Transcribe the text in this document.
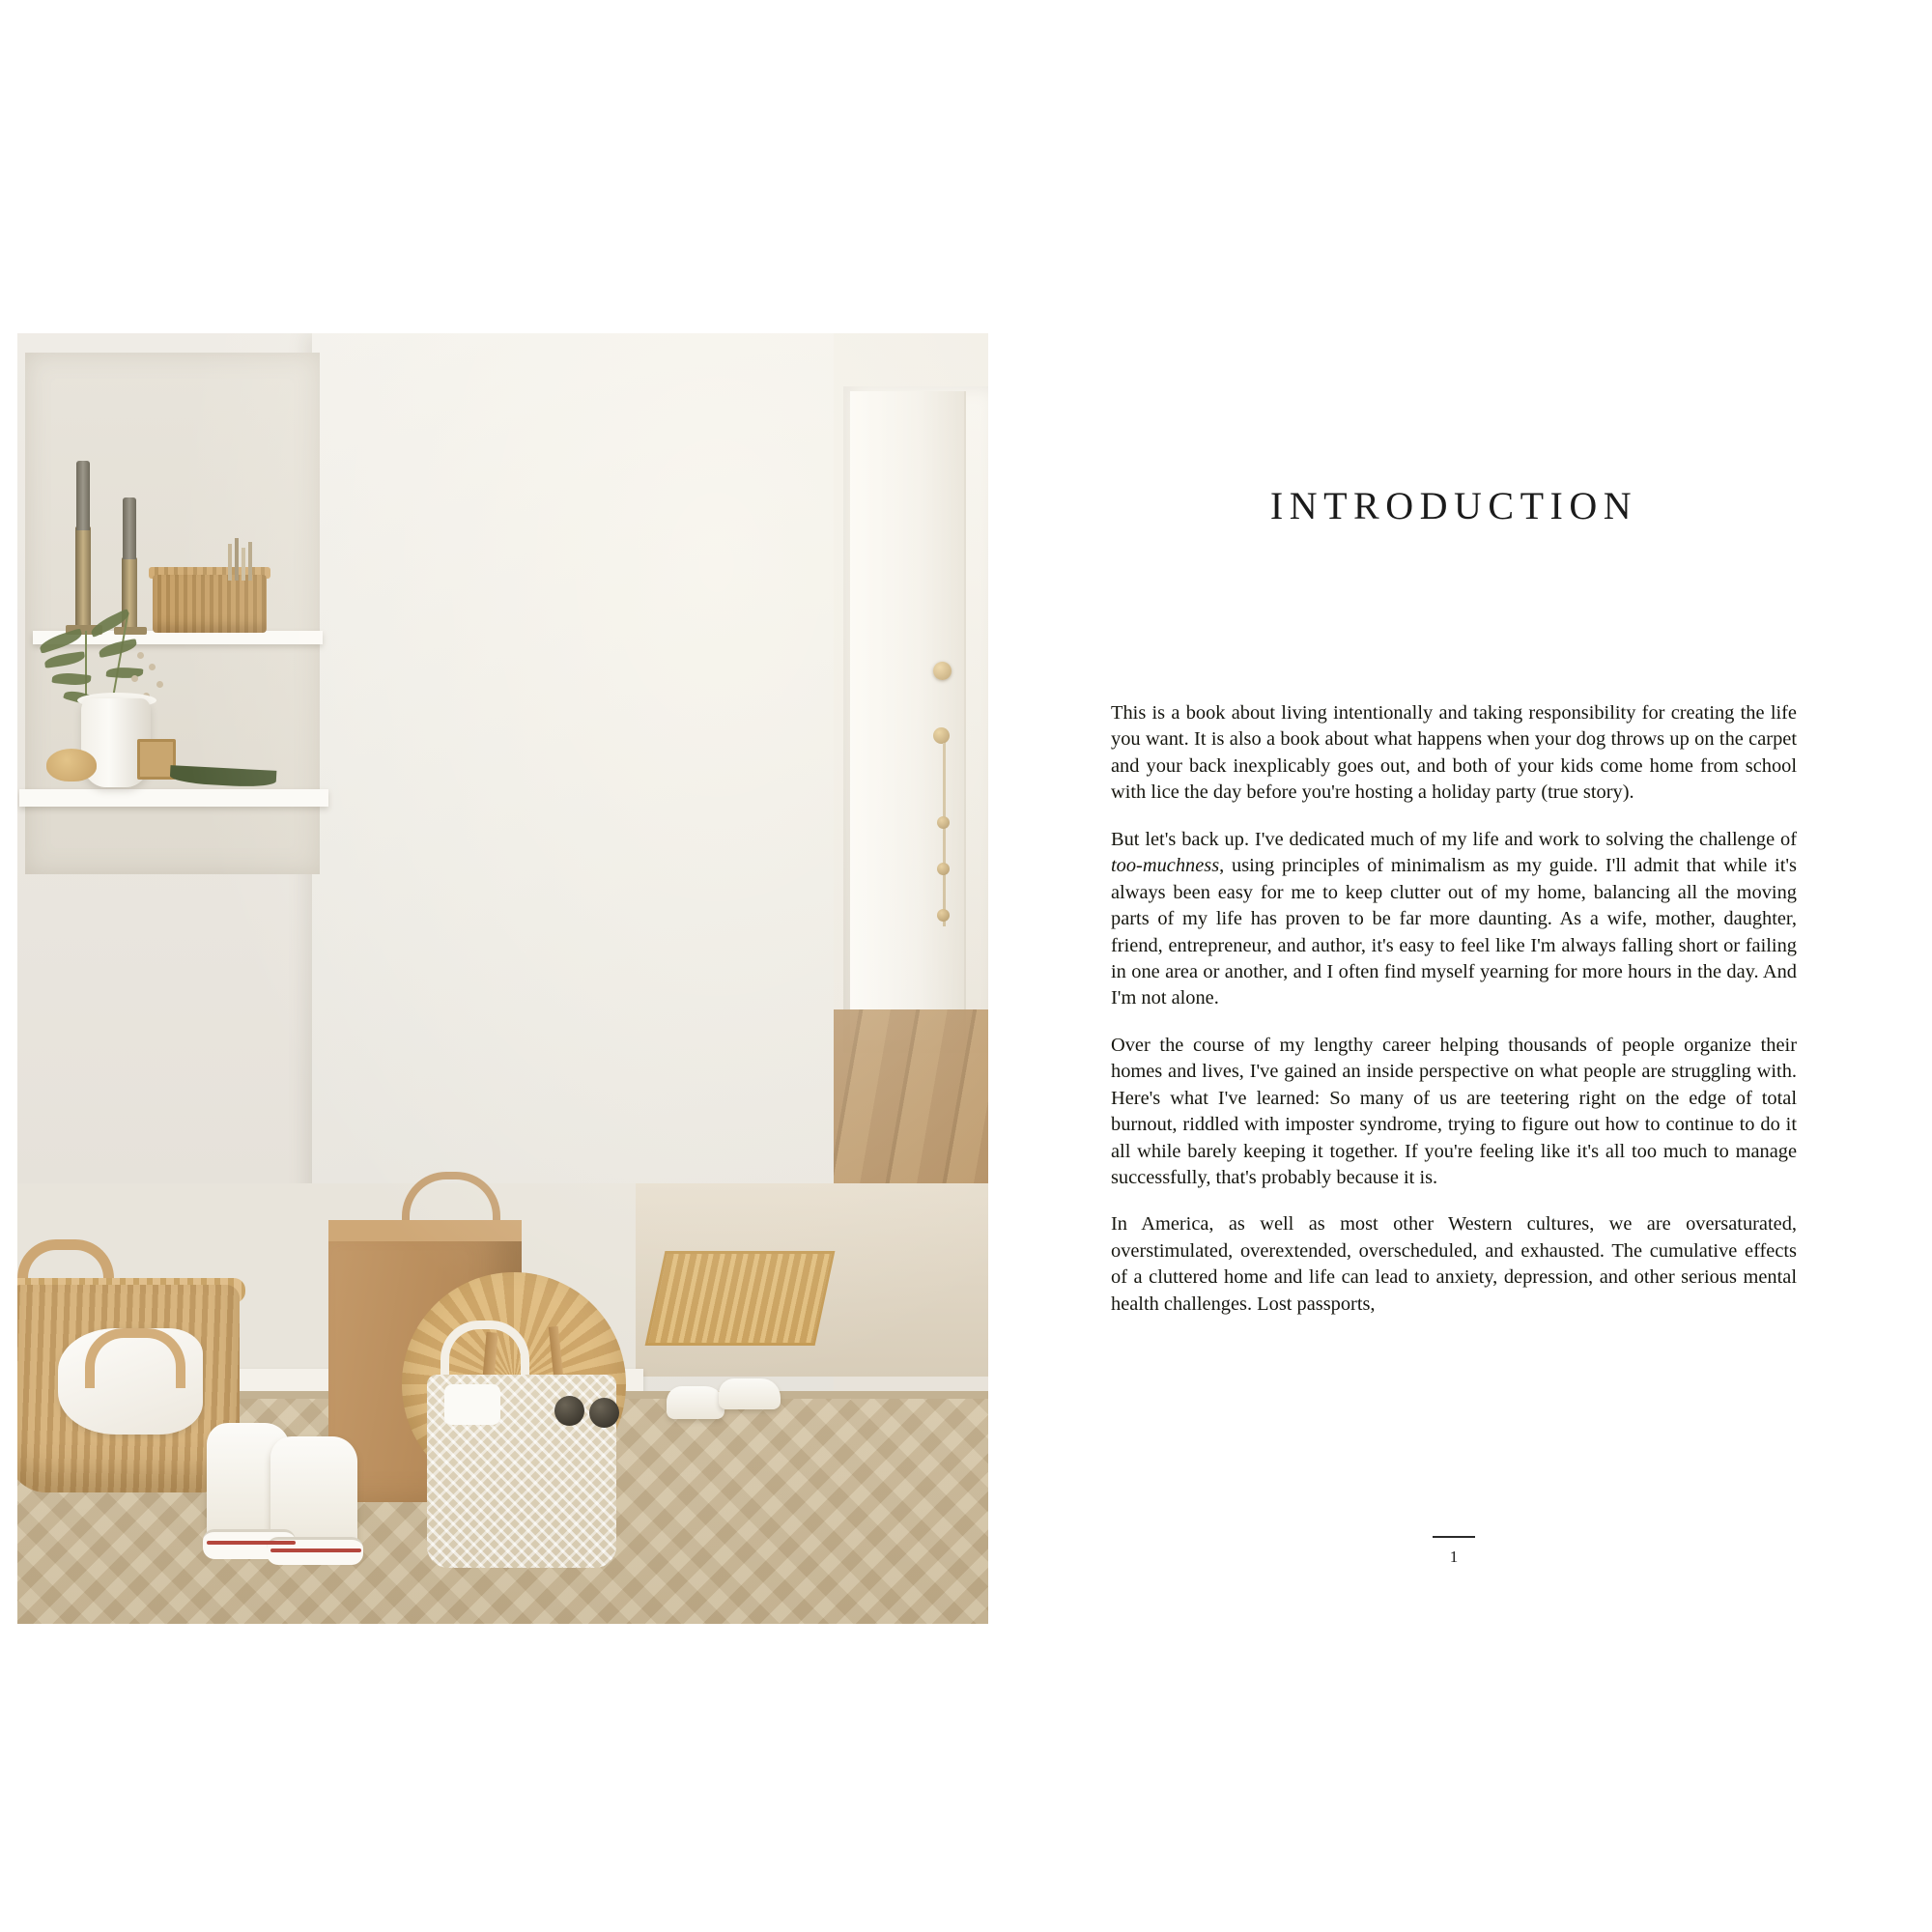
INTRODUCTION

This is a book about living intentionally and taking responsibility for creating the life you want. It is also a book about what happens when your dog throws up on the carpet and your back inexplicably goes out, and both of your kids come home from school with lice the day before you're hosting a holiday party (true story).

But let's back up. I've dedicated much of my life and work to solving the challenge of too-muchness, using principles of minimalism as my guide. I'll admit that while it's always been easy for me to keep clutter out of my home, balancing all the moving parts of my life has proven to be far more daunting. As a wife, mother, daughter, friend, entrepreneur, and author, it's easy to feel like I'm always falling short or failing in one area or another, and I often find myself yearning for more hours in the day. And I'm not alone.

Over the course of my lengthy career helping thousands of people organize their homes and lives, I've gained an inside perspective on what people are struggling with. Here's what I've learned: So many of us are teetering right on the edge of total burnout, riddled with imposter syndrome, trying to figure out how to continue to do it all while barely keeping it together. If you're feeling like it's all too much to manage successfully, that's probably because it is.

In America, as well as most other Western cultures, we are oversaturated, overstimulated, overextended, overscheduled, and exhausted. The cumulative effects of a cluttered home and life can lead to anxiety, depression, and other serious mental health challenges. Lost passports,

1
